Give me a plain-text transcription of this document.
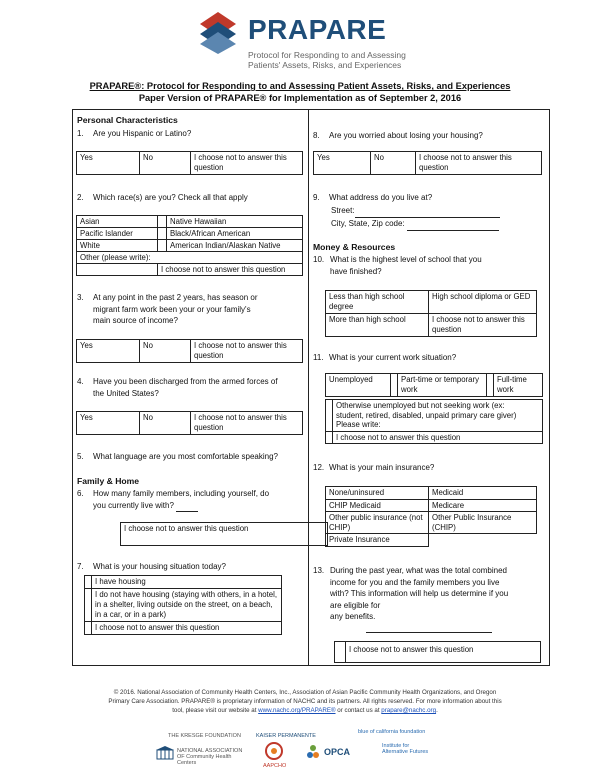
PRAPARE
Protocol for Responding to and Assessing
Patients' Assets, Risks, and Experiences
PRAPARE®: Protocol for Responding to and Assessing Patient Assets, Risks, and Experiences
Paper Version of PRAPARE® for Implementation as of September 2, 2016
Personal Characteristics
1. Are you Hispanic or Latino?
Yes	No	I choose not to answer this question
2. Which race(s) are you? Check all that apply
Asian		Native Hawaiian
Pacific Islander		Black/African American
White		American Indian/Alaskan Native
Other (please write):		
	I choose not to answer this question	
3. At any point in the past 2 years, has season or
migrant farm work been your or your family's
main source of income?
Yes	No	I choose not to answer this question
4. Have you been discharged from the armed forces of
the United States?
Yes	No	I choose not to answer this question
5. What language are you most comfortable speaking?
Family & Home
6. How many family members, including yourself, do
you currently live with?
I choose not to answer this question
7. What is your housing situation today?
	I have housing
	I do not have housing (staying with others, in a hotel, in a shelter, living outside on the street, on a beach, in a car, or in a park)
	I choose not to answer this question
8. Are you worried about losing your housing?
Yes	No	I choose not to answer this question
9. What address do you live at?
Street:
City, State, Zip code:
Money & Resources
10. What is the highest level of school that you
have finished?
Less than high school degree	High school diploma or GED
More than high school	I choose not to answer this question
11. What is your current work situation?
Unemployed		Part-time or temporary work		Full-time work

	Otherwise unemployed but not seeking work (ex:
student, retired, disabled, unpaid primary care giver)
Please write:

	I choose not to answer this question
12. What is your main insurance?
None/uninsured	Medicaid
CHIP Medicaid	Medicare
Other public insurance (not CHIP)	Other Public Insurance (CHIP)
Private Insurance	
13. During the past year, what was the total combined
income for you and the family members you live
with? This information will help us determine if you
are eligible for
any benefits.
	I choose not to answer this question
© 2016. National Association of Community Health Centers, Inc., Association of Asian Pacific Community Health Organizations, and Oregon
Primary Care Association. PRAPARE® is proprietary information of NACHC and its partners. All rights reserved. For more information about this
tool, please visit our website at www.nachc.org/PRAPARE® or contact us at prapare@nachc.org.
THE KRESGE FOUNDATION	KAISER PERMANENTE
blue of california foundation
NATIONAL ASSOCIATION OF Community Health Centers	AAPCHO
OPCA
Institute for Alternative Futures
